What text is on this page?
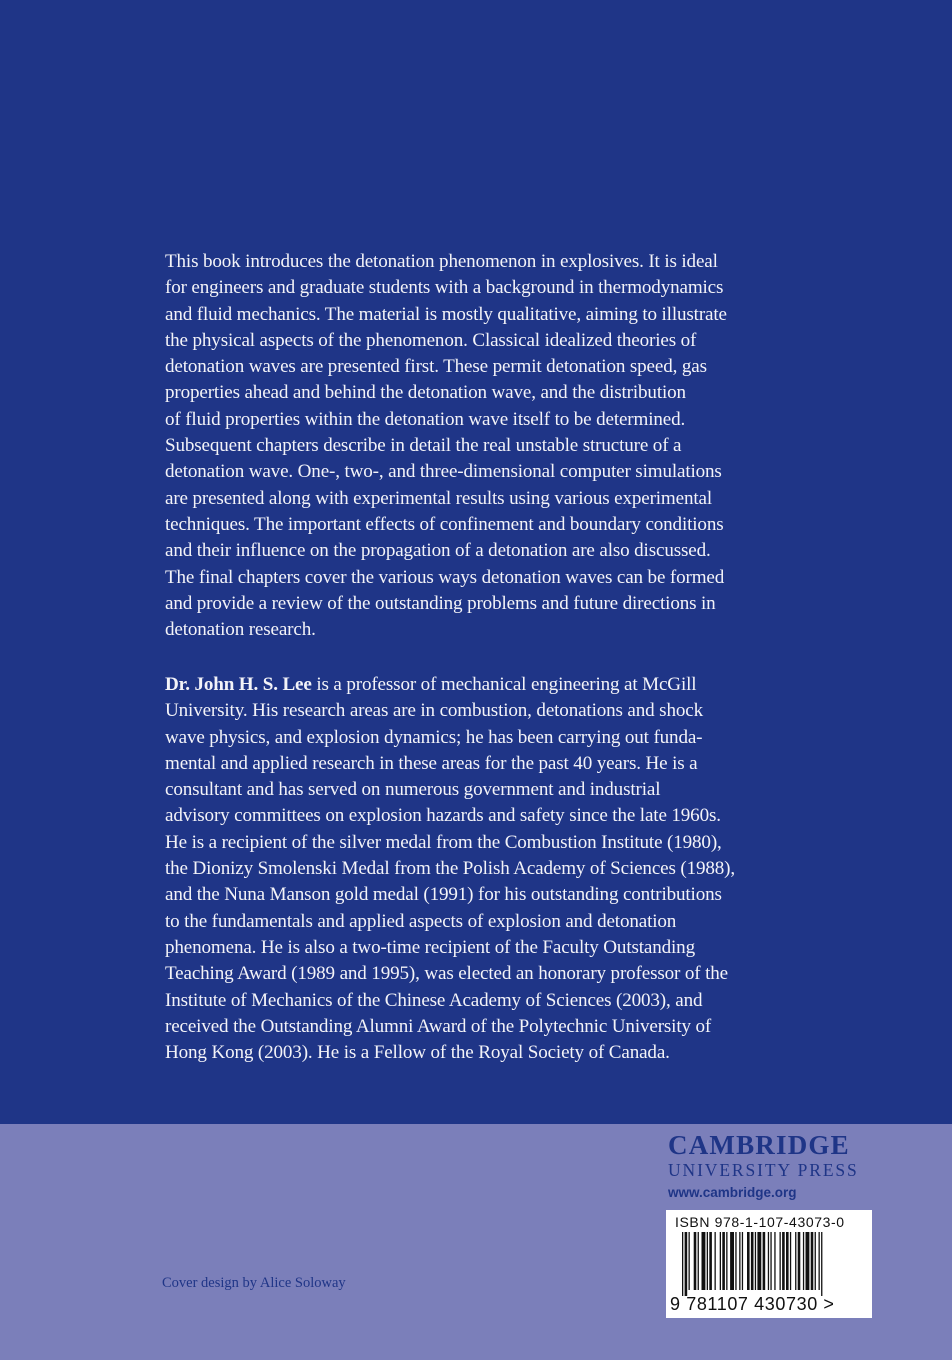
This book introduces the detonation phenomenon in explosives. It is ideal

for engineers and graduate students with a background in thermodynamics

and fluid mechanics. The material is mostly qualitative, aiming to illustrate

the physical aspects of the phenomenon. Classical idealized theories of

detonation waves are presented first. These permit detonation speed, gas

properties ahead and behind the detonation wave, and the distribution

of fluid properties within the detonation wave itself to be determined.

Subsequent chapters describe in detail the real unstable structure of a

detonation wave. One-, two-, and three-dimensional computer simulations

are presented along with experimental results using various experimental

techniques. The important effects of confinement and boundary conditions

and their influence on the propagation of a detonation are also discussed.

The final chapters cover the various ways detonation waves can be formed

and provide a review of the outstanding problems and future directions in

detonation research.

Dr. John H. S. Lee is a professor of mechanical engineering at McGill

University. His research areas are in combustion, detonations and shock

wave physics, and explosion dynamics; he has been carrying out funda-

mental and applied research in these areas for the past 40 years. He is a

consultant and has served on numerous government and industrial

advisory committees on explosion hazards and safety since the late 1960s.

He is a recipient of the silver medal from the Combustion Institute (1980),

the Dionizy Smolenski Medal from the Polish Academy of Sciences (1988),

and the Nuna Manson gold medal (1991) for his outstanding contributions

to the fundamentals and applied aspects of explosion and detonation

phenomena. He is also a two-time recipient of the Faculty Outstanding

Teaching Award (1989 and 1995), was elected an honorary professor of the

Institute of Mechanics of the Chinese Academy of Sciences (2003), and

received the Outstanding Alumni Award of the Polytechnic University of

Hong Kong (2003). He is a Fellow of the Royal Society of Canada.

CAMBRIDGE
UNIVERSITY PRESS
www.cambridge.org
ISBN 978-1-107-43073-0
9 781107 430730 >
Cover design by Alice Soloway
